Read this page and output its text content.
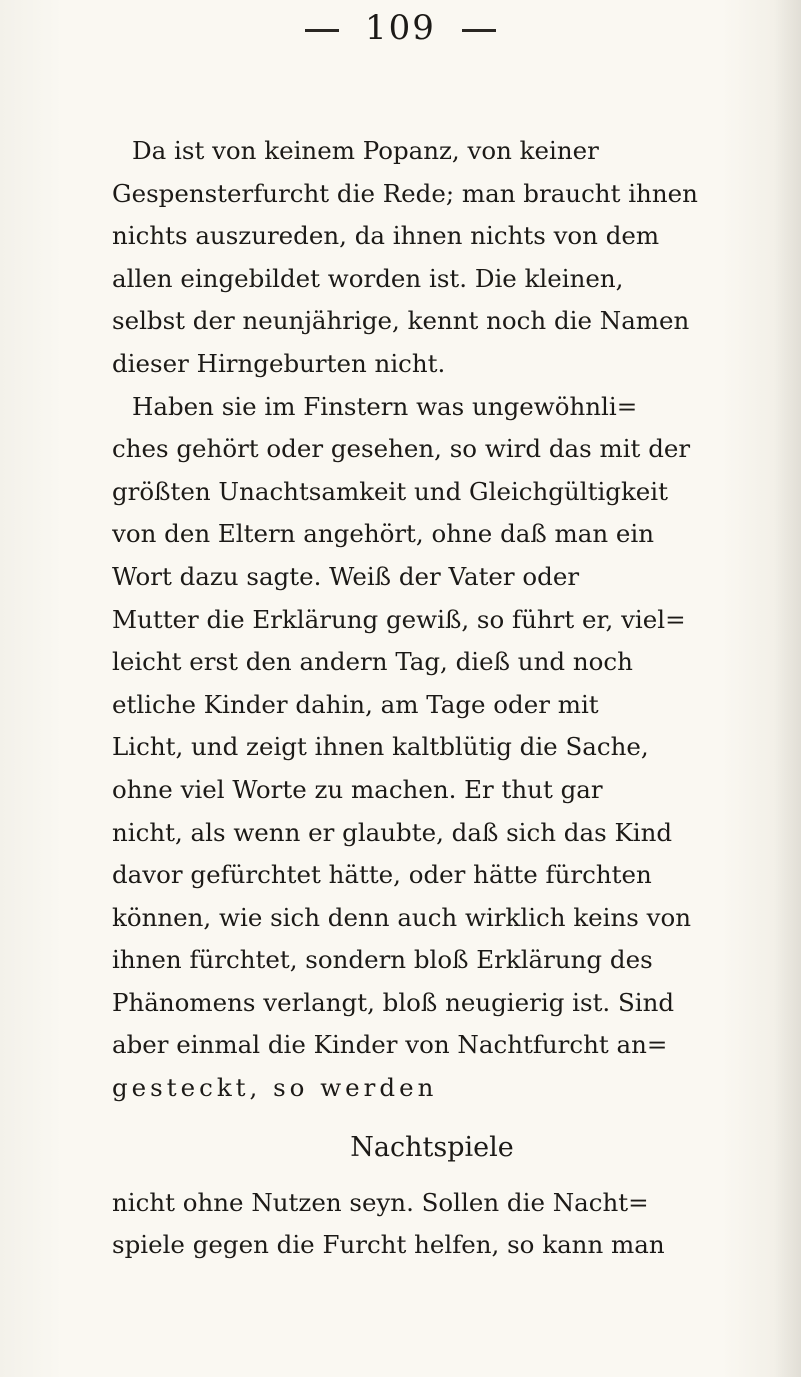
109
Da ist von keinem Popanz, von keiner
Gespensterfurcht die Rede; man braucht ihnen
nichts auszureden, da ihnen nichts von dem
allen eingebildet worden ist. Die kleinen,
selbst der neunjährige, kennt noch die Namen
dieser Hirngeburten nicht.
Haben sie im Finstern was ungewöhnli=
ches gehört oder gesehen, so wird das mit der
größten Unachtsamkeit und Gleichgültigkeit
von den Eltern angehört, ohne daß man ein
Wort dazu sagte. Weiß der Vater oder
Mutter die Erklärung gewiß, so führt er, viel=
leicht erst den andern Tag, dieß und noch
etliche Kinder dahin, am Tage oder mit
Licht, und zeigt ihnen kaltblütig die Sache,
ohne viel Worte zu machen. Er thut gar
nicht, als wenn er glaubte, daß sich das Kind
davor gefürchtet hätte, oder hätte fürchten
können, wie sich denn auch wirklich keins von
ihnen fürchtet, sondern bloß Erklärung des
Phänomens verlangt, bloß neugierig ist. Sind
aber einmal die Kinder von Nachtfurcht an=
gesteckt, so werden
Nachtspiele
nicht ohne Nutzen seyn. Sollen die Nacht=
spiele gegen die Furcht helfen, so kann man
